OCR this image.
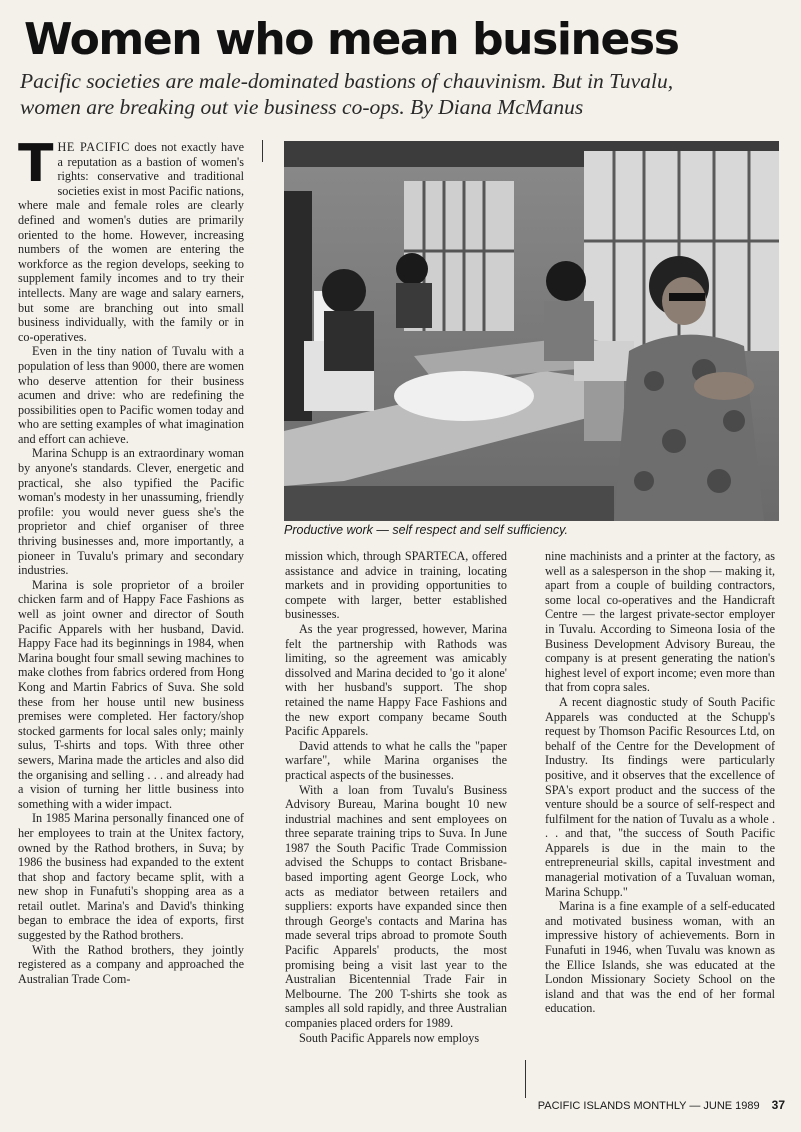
Women who mean business
Pacific societies are male-dominated bastions of chauvinism. But in Tuvalu,
women are breaking out vie business co-ops. By Diana McManus

THE PACIFIC does not exactly have a reputation as a bastion of women's rights: conservative and traditional societies exist in most Pacific nations, where male and female roles are clearly defined and women's duties are primarily oriented to the home. However, increasing numbers of the women are entering the workforce as the region develops, seeking to supplement family incomes and to try their intellects. Many are wage and salary earners, but some are branching out into small business individually, with the family or in co-operatives.

Even in the tiny nation of Tuvalu with a population of less than 9000, there are women who deserve attention for their business acumen and drive: who are redefining the possibilities open to Pacific women today and who are setting examples of what imagination and effort can achieve.

Marina Schupp is an extraordinary woman by anyone's standards. Clever, energetic and practical, she also typified the Pacific woman's modesty in her unassuming, friendly profile: you would never guess she's the proprietor and chief organiser of three thriving businesses and, more importantly, a pioneer in Tuvalu's primary and secondary industries.

Marina is sole proprietor of a broiler chicken farm and of Happy Face Fashions as well as joint owner and director of South Pacific Apparels with her husband, David. Happy Face had its beginnings in 1984, when Marina bought four small sewing machines to make clothes from fabrics ordered from Hong Kong and Martin Fabrics of Suva. She sold these from her house until new business premises were completed. Her factory/shop stocked garments for local sales only; mainly sulus, T-shirts and tops. With three other sewers, Marina made the articles and also did the organising and selling . . . and already had a vision of turning her little business into something with a wider impact.

In 1985 Marina personally financed one of her employees to train at the Unitex factory, owned by the Rathod brothers, in Suva; by 1986 the business had expanded to the extent that shop and factory became split, with a new shop in Funafuti's shopping area as a retail outlet. Marina's and David's thinking began to embrace the idea of exports, first suggested by the Rathod brothers.

With the Rathod brothers, they jointly registered as a company and approached the Australian Trade Com-

Productive work — self respect and self sufficiency.

mission which, through SPARTECA, offered assistance and advice in training, locating markets and in providing opportunities to compete with larger, better established businesses.

As the year progressed, however, Marina felt the partnership with Rathods was limiting, so the agreement was amicably dissolved and Marina decided to 'go it alone' with her husband's support. The shop retained the name Happy Face Fashions and the new export company became South Pacific Apparels.

David attends to what he calls the "paper warfare", while Marina organises the practical aspects of the businesses.

With a loan from Tuvalu's Business Advisory Bureau, Marina bought 10 new industrial machines and sent employees on three separate training trips to Suva. In June 1987 the South Pacific Trade Commission advised the Schupps to contact Brisbane-based importing agent George Lock, who acts as mediator between retailers and suppliers: exports have expanded since then through George's contacts and Marina has made several trips abroad to promote South Pacific Apparels' products, the most promising being a visit last year to the Australian Bicentennial Trade Fair in Melbourne. The 200 T-shirts she took as samples all sold rapidly, and three Australian companies placed orders for 1989.

South Pacific Apparels now employs

nine machinists and a printer at the factory, as well as a salesperson in the shop — making it, apart from a couple of building contractors, some local co-operatives and the Handicraft Centre — the largest private-sector employer in Tuvalu. According to Simeona Iosia of the Business Development Advisory Bureau, the company is at present generating the nation's highest level of export income; even more than that from copra sales.

A recent diagnostic study of South Pacific Apparels was conducted at the Schupp's request by Thomson Pacific Resources Ltd, on behalf of the Centre for the Development of Industry. Its findings were particularly positive, and it observes that the excellence of SPA's export product and the success of the venture should be a source of self-respect and fulfilment for the nation of Tuvalu as a whole . . . and that, "the success of South Pacific Apparels is due in the main to the entrepreneurial skills, capital investment and managerial motivation of a Tuvaluan woman, Marina Schupp."

Marina is a fine example of a self-educated and motivated business woman, with an impressive history of achievements. Born in Funafuti in 1946, when Tuvalu was known as the Ellice Islands, she was educated at the London Missionary Society School on the island and that was the end of her formal education.

PACIFIC ISLANDS MONTHLY — JUNE 1989 37
